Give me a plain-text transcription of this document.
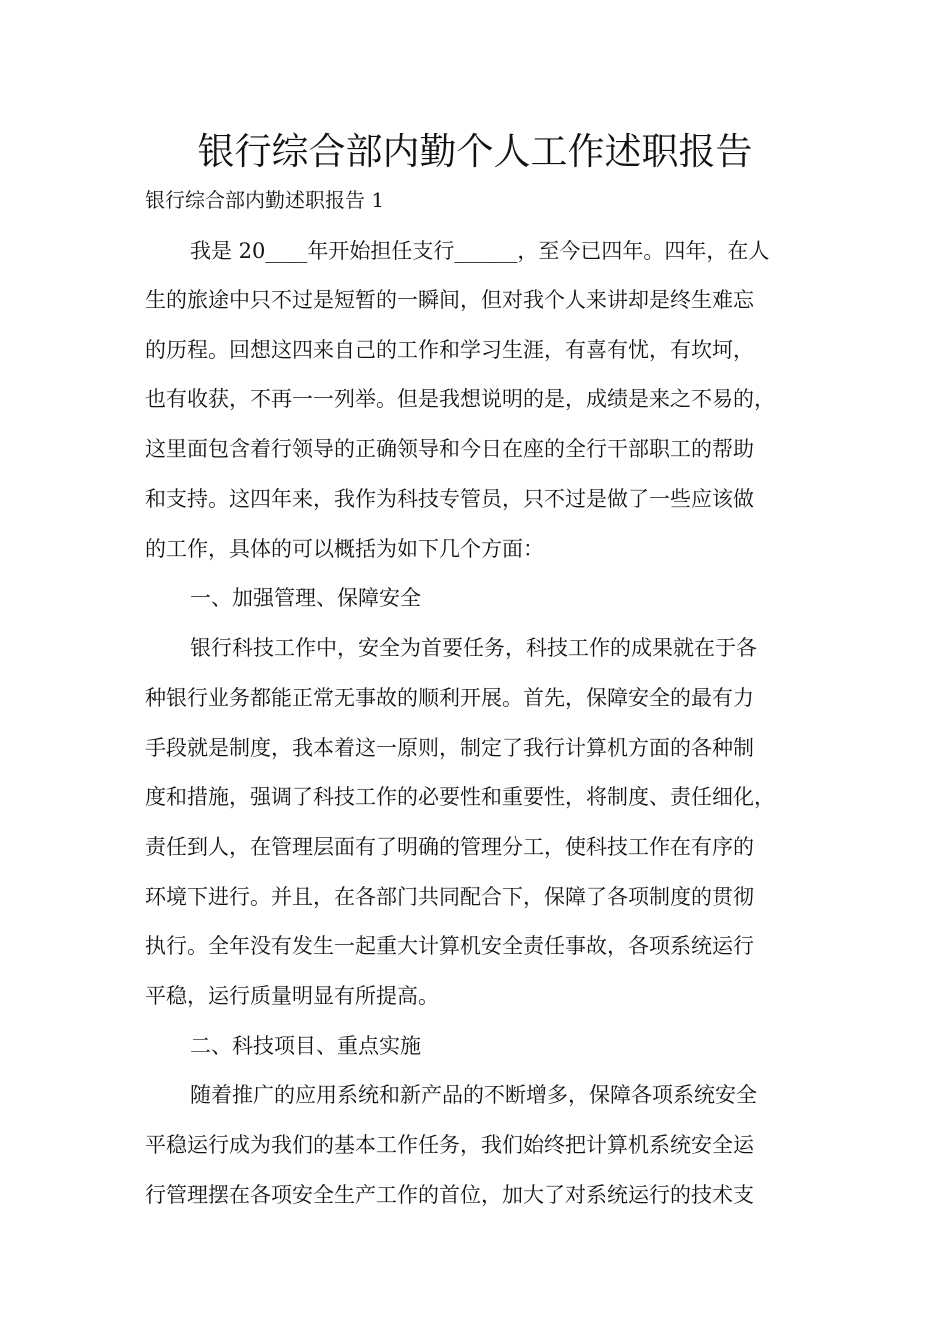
银行综合部内勤个人工作述职报告

银行综合部内勤述职报告 1

我是 20____年开始担任支行______，至今已四年。四年，在人

生的旅途中只不过是短暂的一瞬间，但对我个人来讲却是终生难忘

的历程。回想这四来自己的工作和学习生涯，有喜有忧，有坎坷，

也有收获，不再一一列举。但是我想说明的是，成绩是来之不易的，

这里面包含着行领导的正确领导和今日在座的全行干部职工的帮助

和支持。这四年来，我作为科技专管员，只不过是做了一些应该做

的工作，具体的可以概括为如下几个方面：

一、加强管理、保障安全

银行科技工作中，安全为首要任务，科技工作的成果就在于各

种银行业务都能正常无事故的顺利开展。首先，保障安全的最有力

手段就是制度，我本着这一原则，制定了我行计算机方面的各种制

度和措施，强调了科技工作的必要性和重要性，将制度、责任细化，

责任到人，在管理层面有了明确的管理分工，使科技工作在有序的

环境下进行。并且，在各部门共同配合下，保障了各项制度的贯彻

执行。全年没有发生一起重大计算机安全责任事故，各项系统运行

平稳，运行质量明显有所提高。

二、科技项目、重点实施

随着推广的应用系统和新产品的不断增多，保障各项系统安全

平稳运行成为我们的基本工作任务，我们始终把计算机系统安全运

行管理摆在各项安全生产工作的首位，加大了对系统运行的技术支
